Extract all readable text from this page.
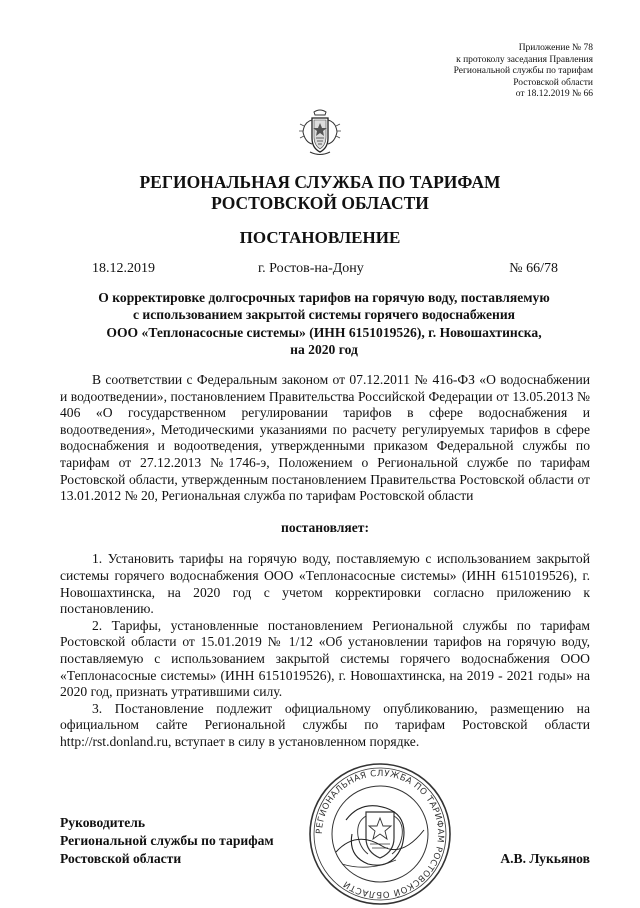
Приложение № 78
к протоколу заседания Правления
Региональной службы по тарифам
Ростовской области
от 18.12.2019 № 66
РЕГИОНАЛЬНАЯ СЛУЖБА ПО ТАРИФАМ
РОСТОВСКОЙ ОБЛАСТИ
ПОСТАНОВЛЕНИЕ
18.12.2019	г. Ростов-на-Дону	№ 66/78
О корректировке долгосрочных тарифов на горячую воду, поставляемую
с использованием закрытой системы горячего водоснабжения
ООО «Теплонасосные системы» (ИНН 6151019526), г. Новошахтинска,
на 2020 год

В соответствии с Федеральным законом от 07.12.2011 № 416-ФЗ «О водоснабжении и водоотведении», постановлением Правительства Российской Федерации от 13.05.2013 № 406 «О государственном регулировании тарифов в сфере водоснабжения и водоотведения», Методическими указаниями по расчету регулируемых тарифов в сфере водоснабжения и водоотведения, утвержденными приказом Федеральной службы по тарифам от 27.12.2013 №1746-э, Положением о Региональной службе по тарифам Ростовской области, утвержденным постановлением Правительства Ростовской области от 13.01.2012 № 20, Региональная служба по тарифам Ростовской области

постановляет:

1. Установить тарифы на горячую воду, поставляемую с использованием закрытой системы горячего водоснабжения ООО «Теплонасосные системы» (ИНН 6151019526), г. Новошахтинска, на 2020 год с учетом корректировки согласно приложению к постановлению.

2. Тарифы, установленные постановлением Региональной службы по тарифам Ростовской области от 15.01.2019 № 1/12 «Об установлении тарифов на горячую воду, поставляемую с использованием закрытой системы горячего водоснабжения ООО «Теплонасосные системы» (ИНН 6151019526), г. Новошахтинска, на 2019 - 2021 годы» на 2020 год, признать утратившими силу.

3. Постановление подлежит официальному опубликованию, размещению на официальном сайте Региональной службы по тарифам Ростовской области http://rst.donland.ru, вступает в силу в установленном порядке.

РЕГИОНАЛЬНАЯ СЛУЖБА ПО ТАРИФАМ РОСТОВСКОЙ ОБЛАСТИ
Руководитель
Региональной службы по тарифам
Ростовской области	А.В. Лукьянов
